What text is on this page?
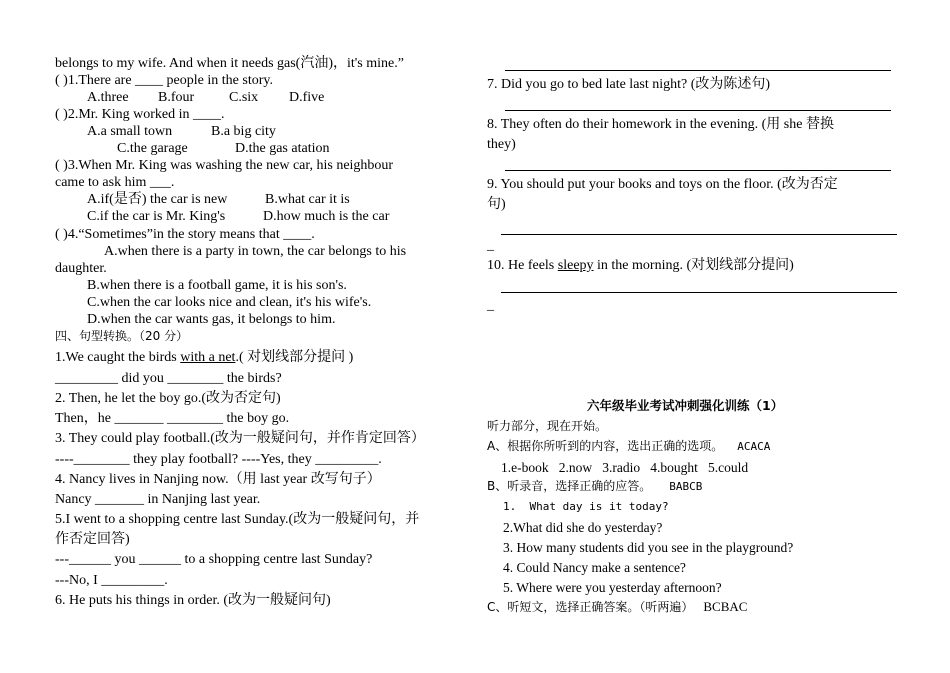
belongs to my wife. And when it needs gas(汽油)，it's mine.”
( )1.There are ____ people in the story.
A.three B.four C.six D.five
( )2.Mr. King worked in ____.
A.a small town	B.a big city
C.the garage	D.the gas atation
( )3.When Mr. King was washing the new car, his neighbour
came to ask him ___.
A.if(是否) the car is new	B.what car it is
C.if the car is Mr. King's	D.how much is the car
( )4.“Sometimes”in the story means that ____.
A.when there is a party in town, the car belongs to his
daughter.
B.when there is a football game, it is his son's.
C.when the car looks nice and clean, it's his wife's.
D.when the car wants gas, it belongs to him.
四、句型转换。（20 分）
1.We caught the birds with a net.( 对划线部分提问 )
_________ did you ________ the birds?
2. Then, he let the boy go.(改为否定句)
Then，he _______ ________ the boy go.
3. They could play football.(改为一般疑问句，并作肯定回答）
----________ they play football? ----Yes, they _________.
4. Nancy lives in Nanjing now.（用 last year 改写句子）
Nancy _______ in Nanjing last year.
5.I went to a shopping centre last Sunday.(改为一般疑问句，并
作否定回答)
---______ you ______ to a shopping centre last Sunday?
---No, I _________.
6. He puts his things in order. (改为一般疑问句)
7. Did you go to bed late last night? (改为陈述句)
8. They often do their homework in the evening. (用 she 替换
they)
9. You should put your books and toys on the floor. (改为否定
句)
_
10. He feels sleepy in the morning. (对划线部分提问)
_
六年级毕业考试冲刺强化训练（1）
听力部分，现在开始。
A、根据你所听到的内容，选出正确的选项。 ACACA
1.e-book   2.now   3.radio   4.bought   5.could
B、听录音，选择正确的应答。 BABCB
1.  What day is it today?
2.What did she do yesterday?
3. How many students did you see in the playground?
4. Could Nancy make a sentence?
5. Where were you yesterday afternoon?
C、听短文，选择正确答案。（听两遍） BCBAC
